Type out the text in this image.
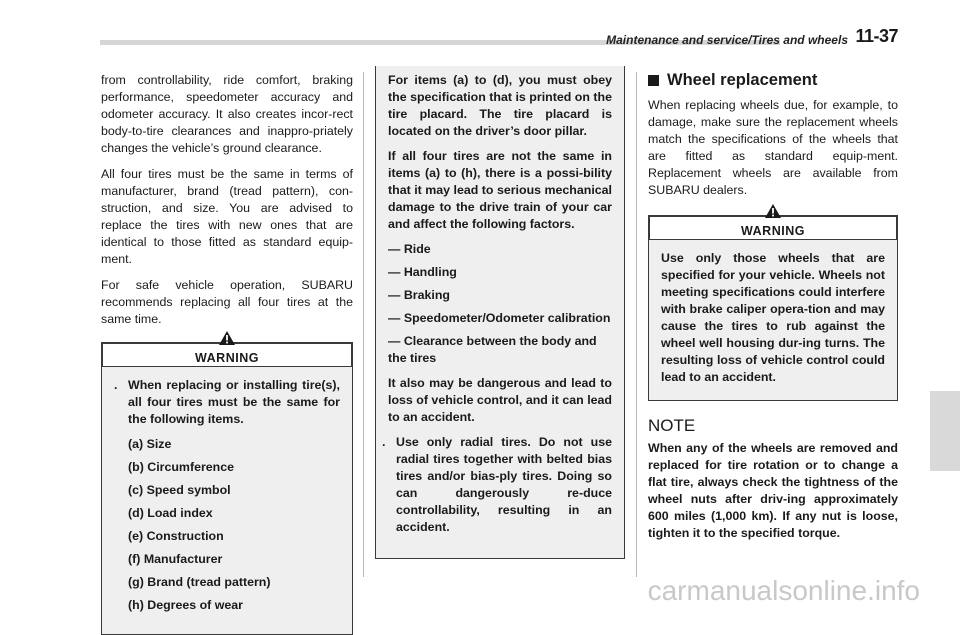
Maintenance and service/Tires and wheels 11-37

from controllability, ride comfort, braking performance, speedometer accuracy and odometer accuracy. It also creates incor-rect body-to-tire clearances and inappro-priately changes the vehicle’s ground clearance.

All four tires must be the same in terms of manufacturer, brand (tread pattern), con-struction, and size. You are advised to replace the tires with new ones that are identical to those fitted as standard equip-ment.

For safe vehicle operation, SUBARU recommends replacing all four tires at the same time.

WARNING
. When replacing or installing tire(s), all four tires must be the same for the following items.
(a) Size
(b) Circumference
(c) Speed symbol
(d) Load index
(e) Construction
(f) Manufacturer
(g) Brand (tread pattern)
(h) Degrees of wear

For items (a) to (d), you must obey the specification that is printed on the tire placard. The tire placard is located on the driver’s door pillar.

If all four tires are not the same in items (a) to (h), there is a possi-bility that it may lead to serious mechanical damage to the drive train of your car and affect the following factors.

— Ride
— Handling
— Braking
— Speedometer/Odometer calibration
— Clearance between the body and the tires

It also may be dangerous and lead to loss of vehicle control, and it can lead to an accident.

. Use only radial tires. Do not use radial tires together with belted bias tires and/or bias-ply tires. Doing so can dangerously re-duce controllability, resulting in an accident.
Wheel replacement

When replacing wheels due, for example, to damage, make sure the replacement wheels match the specifications of the wheels that are fitted as standard equip-ment. Replacement wheels are available from SUBARU dealers.

WARNING

Use only those wheels that are specified for your vehicle. Wheels not meeting specifications could interfere with brake caliper opera-tion and may cause the tires to rub against the wheel well housing dur-ing turns. The resulting loss of vehicle control could lead to an accident.

NOTE

When any of the wheels are removed and replaced for tire rotation or to change a flat tire, always check the tightness of the wheel nuts after driv-ing approximately 600 miles (1,000 km). If any nut is loose, tighten it to the specified torque.

carmanualsonline.info
